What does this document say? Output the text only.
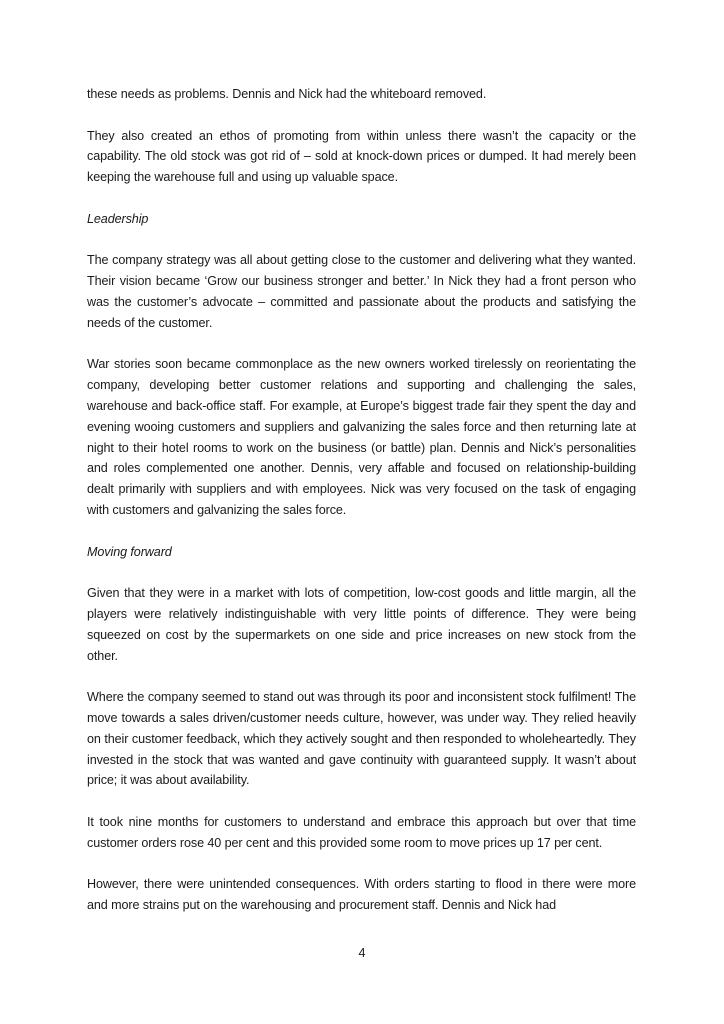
these needs as problems. Dennis and Nick had the whiteboard removed.

They also created an ethos of promoting from within unless there wasn’t the capacity or the capability. The old stock was got rid of – sold at knock-down prices or dumped. It had merely been keeping the warehouse full and using up valuable space.

Leadership

The company strategy was all about getting close to the customer and delivering what they wanted. Their vision became ‘Grow our business stronger and better.’ In Nick they had a front person who was the customer’s advocate – committed and passionate about the products and satisfying the needs of the customer.

War stories soon became commonplace as the new owners worked tirelessly on reorientating the company, developing better customer relations and supporting and challenging the sales, warehouse and back-office staff. For example, at Europe’s biggest trade fair they spent the day and evening wooing customers and suppliers and galvanizing the sales force and then returning late at night to their hotel rooms to work on the business (or battle) plan. Dennis and Nick’s personalities and roles complemented one another. Dennis, very affable and focused on relationship-building dealt primarily with suppliers and with employees. Nick was very focused on the task of engaging with customers and galvanizing the sales force.

Moving forward

Given that they were in a market with lots of competition, low-cost goods and little margin, all the players were relatively indistinguishable with very little points of difference. They were being squeezed on cost by the supermarkets on one side and price increases on new stock from the other.

Where the company seemed to stand out was through its poor and inconsistent stock fulfilment! The move towards a sales driven/customer needs culture, however, was under way. They relied heavily on their customer feedback, which they actively sought and then responded to wholeheartedly. They invested in the stock that was wanted and gave continuity with guaranteed supply. It wasn’t about price; it was about availability.

It took nine months for customers to understand and embrace this approach but over that time customer orders rose 40 per cent and this provided some room to move prices up 17 per cent.

However, there were unintended consequences. With orders starting to flood in there were more and more strains put on the warehousing and procurement staff. Dennis and Nick had

4
